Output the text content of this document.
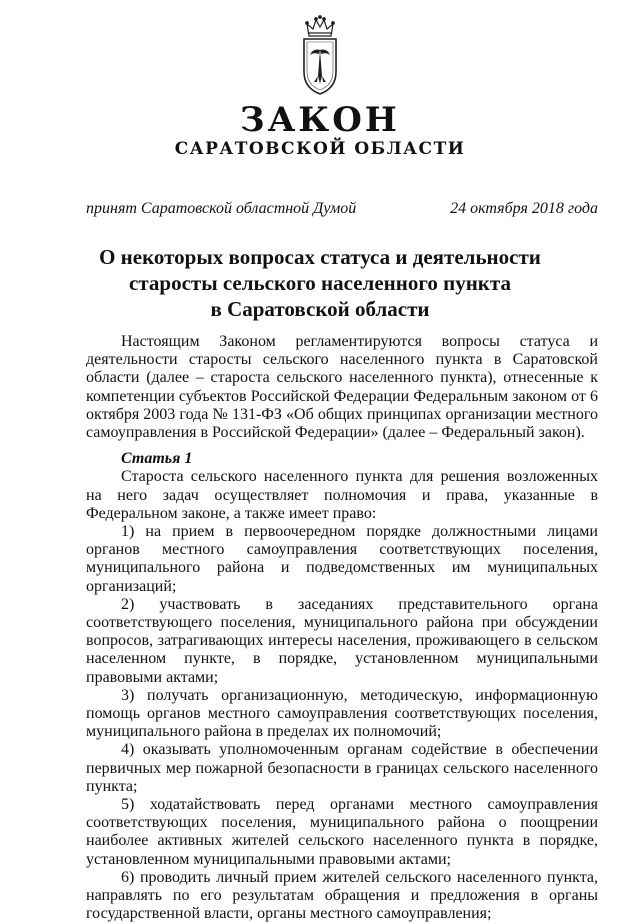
ЗАКОН
САРАТОВСКОЙ ОБЛАСТИ
принят Саратовской областной Думой	24 октября 2018 года
О некоторых вопросах статуса и деятельности
старосты сельского населенного пункта
в Саратовской области

Настоящим Законом регламентируются вопросы статуса и деятельности старосты сельского населенного пункта в Саратовской области (далее – староста сельского населенного пункта), отнесенные к компетенции субъектов Российской Федерации Федеральным законом от 6 октября 2003 года № 131-ФЗ «Об общих принципах организации местного самоуправления в Российской Федерации» (далее – Федеральный закон).

Статья 1

Староста сельского населенного пункта для решения возложенных на него задач осуществляет полномочия и права, указанные в Федеральном законе, а также имеет право:

1) на прием в первоочередном порядке должностными лицами органов местного самоуправления соответствующих поселения, муниципального района и подведомственных им муниципальных организаций;

2) участвовать в заседаниях представительного органа соответствующего поселения, муниципального района при обсуждении вопросов, затрагивающих интересы населения, проживающего в сельском населенном пункте, в порядке, установленном муниципальными правовыми актами;

3) получать организационную, методическую, информационную помощь органов местного самоуправления соответствующих поселения, муниципального района в пределах их полномочий;

4) оказывать уполномоченным органам содействие в обеспечении первичных мер пожарной безопасности в границах сельского населенного пункта;

5) ходатайствовать перед органами местного самоуправления соответствующих поселения, муниципального района о поощрении наиболее активных жителей сельского населенного пункта в порядке, установленном муниципальными правовыми актами;

6) проводить личный прием жителей сельского населенного пункта, направлять по его результатам обращения и предложения в органы государственной власти, органы местного самоуправления;
